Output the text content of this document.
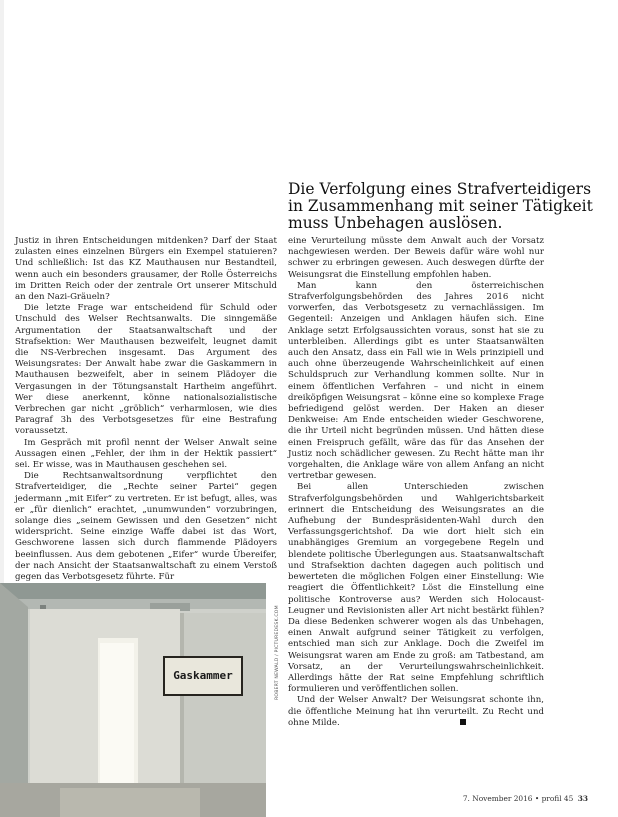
Die Verfolgung eines Strafverteidigers
in Zusammenhang mit seiner Tätigkeit
muss Unbehagen auslösen.

Justiz in ihren Entscheidungen mitdenken? Darf der Staat zulasten eines einzelnen Bürgers ein Exempel statuieren? Und schließlich: Ist das KZ Mauthausen nur Bestandteil, wenn auch ein besonders grausamer, der Rolle Österreichs im Dritten Reich oder der zentrale Ort unserer Mitschuld an den Nazi-Gräueln?

Die letzte Frage war entscheidend für Schuld oder Unschuld des Welser Rechtsanwalts. Die sinngemäße Argumentation der Staatsanwaltschaft und der Strafsektion: Wer Mauthausen bezweifelt, leugnet damit die NS-Verbrechen insgesamt. Das Argument des Weisungsrates: Der Anwalt habe zwar die Gaskammern in Mauthausen bezweifelt, aber in seinem Plädoyer die Vergasungen in der Tötungsanstalt Hartheim angeführt. Wer diese anerkennt, könne nationalsozialistische Verbrechen gar nicht „gröblich“ verharmlosen, wie dies Paragraf 3h des Verbotsgesetzes für eine Bestrafung voraussetzt.

Im Gespräch mit profil nennt der Welser Anwalt seine Aussagen einen „Fehler, der ihm in der Hektik passiert“ sei. Er wisse, was in Mauthausen geschehen sei.

Die Rechtsanwaltsordnung verpflichtet den Strafverteidiger, die „Rechte seiner Partei“ gegen jedermann „mit Eifer“ zu vertreten. Er ist befugt, alles, was er „für dienlich“ erachtet, „unumwunden“ vorzubringen, solange dies „seinem Gewissen und den Gesetzen“ nicht widerspricht. Seine einzige Waffe dabei ist das Wort, Geschworene lassen sich durch flammende Plädoyers beeinflussen. Aus dem gebotenen „Eifer“ wurde Übereifer, der nach Ansicht der Staatsanwaltschaft zu einem Verstoß gegen das Verbotsgesetz führte. Für

eine Verurteilung müsste dem Anwalt auch der Vorsatz nachgewiesen werden. Der Beweis dafür wäre wohl nur schwer zu erbringen gewesen. Auch deswegen dürfte der Weisungsrat die Einstellung empfohlen haben.

Man kann den österreichischen Strafverfolgungsbehörden des Jahres 2016 nicht vorwerfen, das Verbotsgesetz zu vernachlässigen. Im Gegenteil: Anzeigen und Anklagen häufen sich. Eine Anklage setzt Erfolgsaussichten voraus, sonst hat sie zu unterbleiben. Allerdings gibt es unter Staatsanwälten auch den Ansatz, dass ein Fall wie in Wels prinzipiell und auch ohne überzeugende Wahrscheinlichkeit auf einen Schuldspruch zur Verhandlung kommen sollte. Nur in einem öffentlichen Verfahren – und nicht in einem dreiköpfigen Weisungsrat – könne eine so komplexe Frage befriedigend gelöst werden. Der Haken an dieser Denkweise: Am Ende entscheiden wieder Geschworene, die ihr Urteil nicht begründen müssen. Und hätten diese einen Freispruch gefällt, wäre das für das Ansehen der Justiz noch schädlicher gewesen. Zu Recht hätte man ihr vorgehalten, die Anklage wäre von allem Anfang an nicht vertretbar gewesen.

Bei allen Unterschieden zwischen Strafverfolgungsbehörden und Wahlgerichtsbarkeit erinnert die Entscheidung des Weisungsrates an die Aufhebung der Bundespräsidenten-Wahl durch den Verfassungsgerichtshof. Da wie dort hielt sich ein unabhängiges Gremium an vorgegebene Regeln und blendete politische Überlegungen aus. Staatsanwaltschaft und Strafsektion dachten dagegen auch politisch und bewerteten die möglichen Folgen einer Einstellung: Wie reagiert die Öffentlichkeit? Löst die Einstellung eine politische Kontroverse aus? Werden sich Holocaust-Leugner und Revisionisten aller Art nicht bestärkt fühlen? Da diese Bedenken schwerer wogen als das Unbehagen, einen Anwalt aufgrund seiner Tätigkeit zu verfolgen, entschied man sich zur Anklage. Doch die Zweifel im Weisungsrat waren am Ende zu groß: am Tatbestand, am Vorsatz, an der Verurteilungswahrscheinlichkeit. Allerdings hätte der Rat seine Empfehlung schriftlich formulieren und veröffentlichen sollen.

Und der Welser Anwalt? Der Weisungsrat schonte ihn, die öffentliche Meinung hat ihn verurteilt. Zu Recht und ohne Milde.

Gaskammer	ROBERT NEWALD / PICTUREDESK.COM
7. November 2016 • profil 45 33
